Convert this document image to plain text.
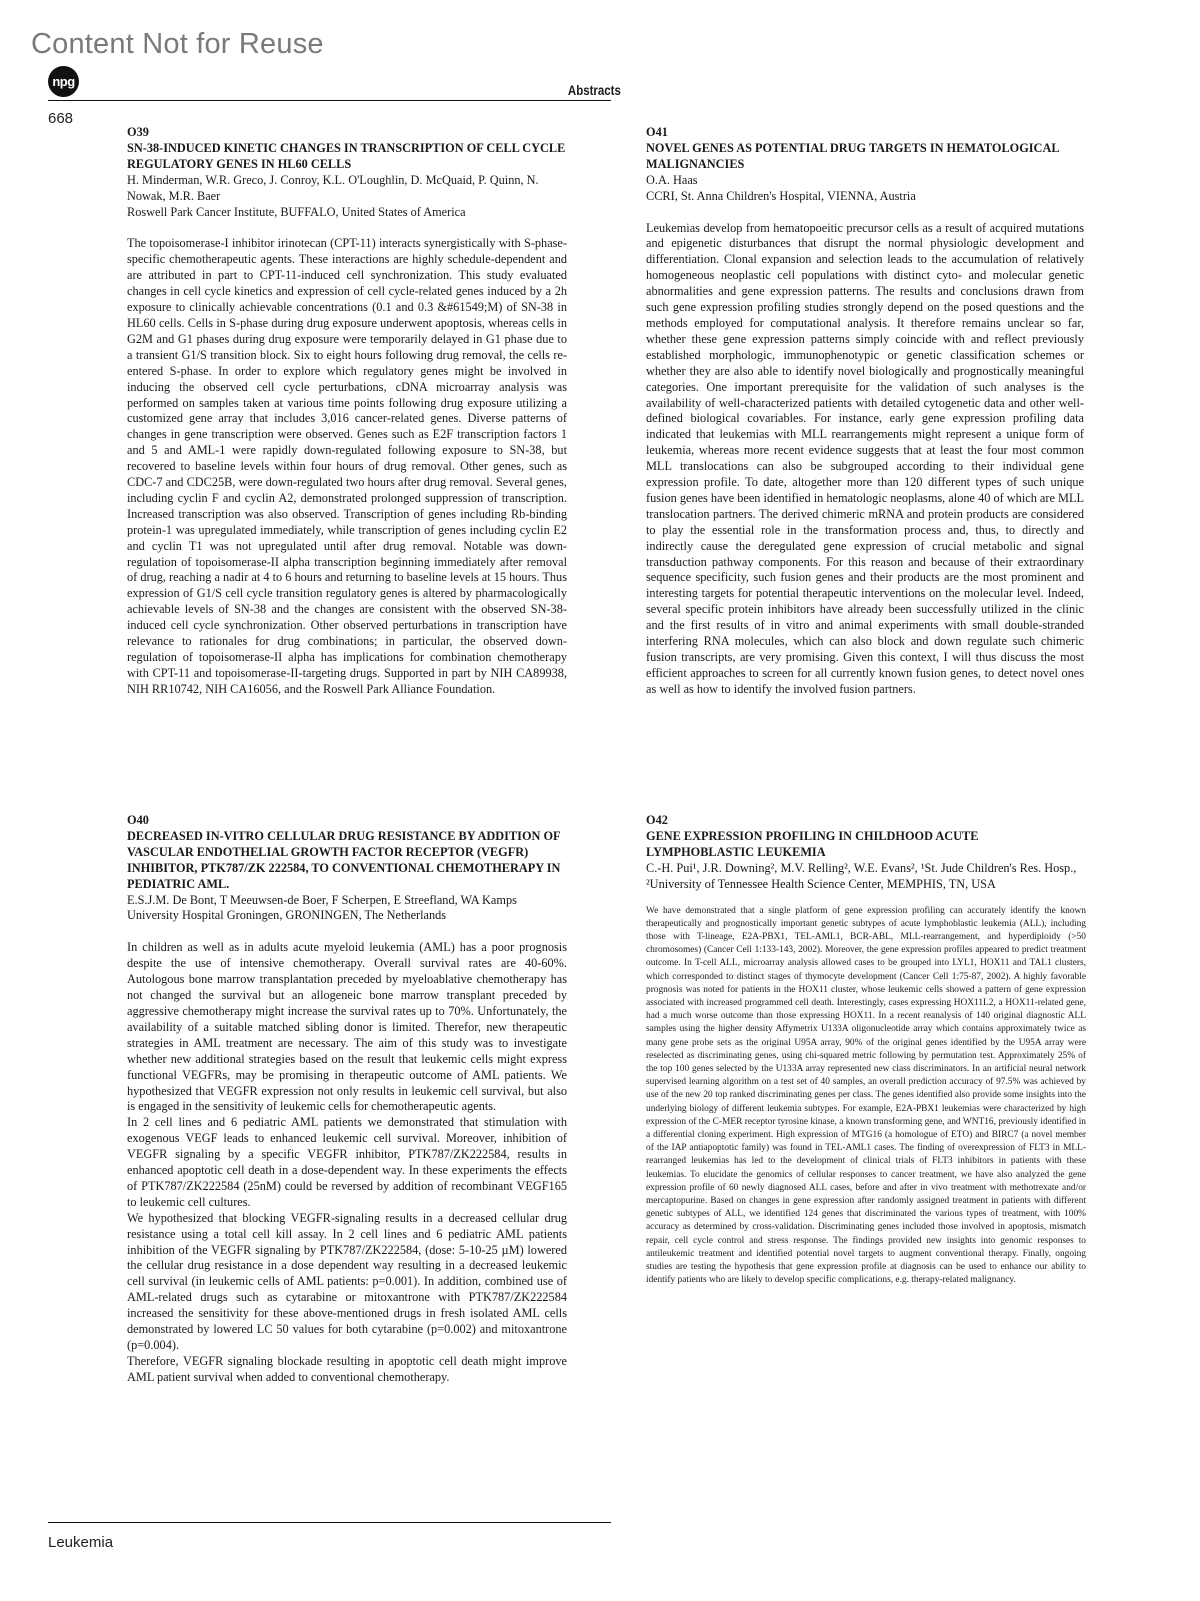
Content Not for Reuse
npg
Abstracts
668

O39

SN-38-INDUCED KINETIC CHANGES IN TRANSCRIPTION OF CELL CYCLE REGULATORY GENES IN HL60 CELLS

H. Minderman, W.R. Greco, J. Conroy, K.L. O'Loughlin, D. McQuaid, P. Quinn, N. Nowak, M.R. Baer

Roswell Park Cancer Institute, BUFFALO, United States of America

The topoisomerase-I inhibitor irinotecan (CPT-11) interacts synergistically with S-phase-specific chemotherapeutic agents. These interactions are highly schedule-dependent and are attributed in part to CPT-11-induced cell synchronization. This study evaluated changes in cell cycle kinetics and expression of cell cycle-related genes induced by a 2h exposure to clinically achievable concentrations (0.1 and 0.3 &#61549;M) of SN-38 in HL60 cells. Cells in S-phase during drug exposure underwent apoptosis, whereas cells in G2M and G1 phases during drug exposure were temporarily delayed in G1 phase due to a transient G1/S transition block. Six to eight hours following drug removal, the cells re-entered S-phase. In order to explore which regulatory genes might be involved in inducing the observed cell cycle perturbations, cDNA microarray analysis was performed on samples taken at various time points following drug exposure utilizing a customized gene array that includes 3,016 cancer-related genes. Diverse patterns of changes in gene transcription were observed. Genes such as E2F transcription factors 1 and 5 and AML-1 were rapidly down-regulated following exposure to SN-38, but recovered to baseline levels within four hours of drug removal. Other genes, such as CDC-7 and CDC25B, were down-regulated two hours after drug removal. Several genes, including cyclin F and cyclin A2, demonstrated prolonged suppression of transcription. Increased transcription was also observed. Transcription of genes including Rb-binding protein-1 was upregulated immediately, while transcription of genes including cyclin E2 and cyclin T1 was not upregulated until after drug removal. Notable was down-regulation of topoisomerase-II alpha transcription beginning immediately after removal of drug, reaching a nadir at 4 to 6 hours and returning to baseline levels at 15 hours. Thus expression of G1/S cell cycle transition regulatory genes is altered by pharmacologically achievable levels of SN-38 and the changes are consistent with the observed SN-38-induced cell cycle synchronization. Other observed perturbations in transcription have relevance to rationales for drug combinations; in particular, the observed down-regulation of topoisomerase-II alpha has implications for combination chemotherapy with CPT-11 and topoisomerase-II-targeting drugs. Supported in part by NIH CA89938, NIH RR10742, NIH CA16056, and the Roswell Park Alliance Foundation.

O41

NOVEL GENES AS POTENTIAL DRUG TARGETS IN HEMATOLOGICAL MALIGNANCIES

O.A. Haas

CCRI, St. Anna Children's Hospital, VIENNA, Austria

Leukemias develop from hematopoeitic precursor cells as a result of acquired mutations and epigenetic disturbances that disrupt the normal physiologic development and differentiation. Clonal expansion and selection leads to the accumulation of relatively homogeneous neoplastic cell populations with distinct cyto- and molecular genetic abnormalities and gene expression patterns. The results and conclusions drawn from such gene expression profiling studies strongly depend on the posed questions and the methods employed for computational analysis. It therefore remains unclear so far, whether these gene expression patterns simply coincide with and reflect previously established morphologic, immunophenotypic or genetic classification schemes or whether they are also able to identify novel biologically and prognostically meaningful categories. One important prerequisite for the validation of such analyses is the availability of well-characterized patients with detailed cytogenetic data and other well-defined biological covariables. For instance, early gene expression profiling data indicated that leukemias with MLL rearrangements might represent a unique form of leukemia, whereas more recent evidence suggests that at least the four most common MLL translocations can also be subgrouped according to their individual gene expression profile. To date, altogether more than 120 different types of such unique fusion genes have been identified in hematologic neoplasms, alone 40 of which are MLL translocation partners. The derived chimeric mRNA and protein products are considered to play the essential role in the transformation process and, thus, to directly and indirectly cause the deregulated gene expression of crucial metabolic and signal transduction pathway components. For this reason and because of their extraordinary sequence specificity, such fusion genes and their products are the most prominent and interesting targets for potential therapeutic interventions on the molecular level. Indeed, several specific protein inhibitors have already been successfully utilized in the clinic and the first results of in vitro and animal experiments with small double-stranded interfering RNA molecules, which can also block and down regulate such chimeric fusion transcripts, are very promising. Given this context, I will thus discuss the most efficient approaches to screen for all currently known fusion genes, to detect novel ones as well as how to identify the involved fusion partners.

O40

DECREASED IN-VITRO CELLULAR DRUG RESISTANCE BY ADDITION OF VASCULAR ENDOTHELIAL GROWTH FACTOR RECEPTOR (VEGFR) INHIBITOR, PTK787/ZK 222584, TO CONVENTIONAL CHEMOTHERAPY IN PEDIATRIC AML.

E.S.J.M. De Bont, T Meeuwsen-de Boer, F Scherpen, E Streefland, WA Kamps

University Hospital Groningen, GRONINGEN, The Netherlands

In children as well as in adults acute myeloid leukemia (AML) has a poor prognosis despite the use of intensive chemotherapy. Overall survival rates are 40-60%. Autologous bone marrow transplantation preceded by myeloablative chemotherapy has not changed the survival but an allogeneic bone marrow transplant preceded by aggressive chemotherapy might increase the survival rates up to 70%. Unfortunately, the availability of a suitable matched sibling donor is limited. Therefor, new therapeutic strategies in AML treatment are necessary. The aim of this study was to investigate whether new additional strategies based on the result that leukemic cells might express functional VEGFRs, may be promising in therapeutic outcome of AML patients. We hypothesized that VEGFR expression not only results in leukemic cell survival, but also is engaged in the sensitivity of leukemic cells for chemotherapeutic agents.

In 2 cell lines and 6 pediatric AML patients we demonstrated that stimulation with exogenous VEGF leads to enhanced leukemic cell survival. Moreover, inhibition of VEGFR signaling by a specific VEGFR inhibitor, PTK787/ZK222584, results in enhanced apoptotic cell death in a dose-dependent way. In these experiments the effects of PTK787/ZK222584 (25nM) could be reversed by addition of recombinant VEGF165 to leukemic cell cultures.

We hypothesized that blocking VEGFR-signaling results in a decreased cellular drug resistance using a total cell kill assay. In 2 cell lines and 6 pediatric AML patients inhibition of the VEGFR signaling by PTK787/ZK222584, (dose: 5-10-25 µM) lowered the cellular drug resistance in a dose dependent way resulting in a decreased leukemic cell survival (in leukemic cells of AML patients: p=0.001). In addition, combined use of AML-related drugs such as cytarabine or mitoxantrone with PTK787/ZK222584 increased the sensitivity for these above-mentioned drugs in fresh isolated AML cells demonstrated by lowered LC 50 values for both cytarabine (p=0.002) and mitoxantrone (p=0.004).

Therefore, VEGFR signaling blockade resulting in apoptotic cell death might improve AML patient survival when added to conventional chemotherapy.

O42

GENE EXPRESSION PROFILING IN CHILDHOOD ACUTE LYMPHOBLASTIC LEUKEMIA

C.-H. Pui¹, J.R. Downing², M.V. Relling², W.E. Evans², ¹St. Jude Children's Res. Hosp., ²University of Tennessee Health Science Center, MEMPHIS, TN, USA

We have demonstrated that a single platform of gene expression profiling can accurately identify the known therapeutically and prognostically important genetic subtypes of acute lymphoblastic leukemia (ALL), including those with T-lineage, E2A-PBX1, TEL-AML1, BCR-ABL, MLL-rearrangement, and hyperdiploidy (>50 chromosomes) (Cancer Cell 1:133-143, 2002). Moreover, the gene expression profiles appeared to predict treatment outcome. In T-cell ALL, microarray analysis allowed cases to be grouped into LYL1, HOX11 and TAL1 clusters, which corresponded to distinct stages of thymocyte development (Cancer Cell 1:75-87, 2002). A highly favorable prognosis was noted for patients in the HOX11 cluster, whose leukemic cells showed a pattern of gene expression associated with increased programmed cell death. Interestingly, cases expressing HOX11L2, a HOX11-related gene, had a much worse outcome than those expressing HOX11. In a recent reanalysis of 140 original diagnostic ALL samples using the higher density Affymetrix U133A oligonucleotide array which contains approximately twice as many gene probe sets as the original U95A array, 90% of the original genes identified by the U95A array were reselected as discriminating genes, using chi-squared metric following by permutation test. Approximately 25% of the top 100 genes selected by the U133A array represented new class discriminators. In an artificial neural network supervised learning algorithm on a test set of 40 samples, an overall prediction accuracy of 97.5% was achieved by use of the new 20 top ranked discriminating genes per class. The genes identified also provide some insights into the underlying biology of different leukemia subtypes. For example, E2A-PBX1 leukemias were characterized by high expression of the C-MER receptor tyrosine kinase, a known transforming gene, and WNT16, previously identified in a differential cloning experiment. High expression of MTG16 (a homologue of ETO) and BIRC7 (a novel member of the IAP antiapoptotic family) was found in TEL-AML1 cases. The finding of overexpression of FLT3 in MLL-rearranged leukemias has led to the development of clinical trials of FLT3 inhibitors in patients with these leukemias. To elucidate the genomics of cellular responses to cancer treatment, we have also analyzed the gene expression profile of 60 newly diagnosed ALL cases, before and after in vivo treatment with methotrexate and/or mercaptopurine. Based on changes in gene expression after randomly assigned treatment in patients with different genetic subtypes of ALL, we identified 124 genes that discriminated the various types of treatment, with 100% accuracy as determined by cross-validation. Discriminating genes included those involved in apoptosis, mismatch repair, cell cycle control and stress response. The findings provided new insights into genomic responses to antileukemic treatment and identified potential novel targets to augment conventional therapy. Finally, ongoing studies are testing the hypothesis that gene expression profile at diagnosis can be used to enhance our ability to identify patients who are likely to develop specific complications, e.g. therapy-related malignancy.

Leukemia
